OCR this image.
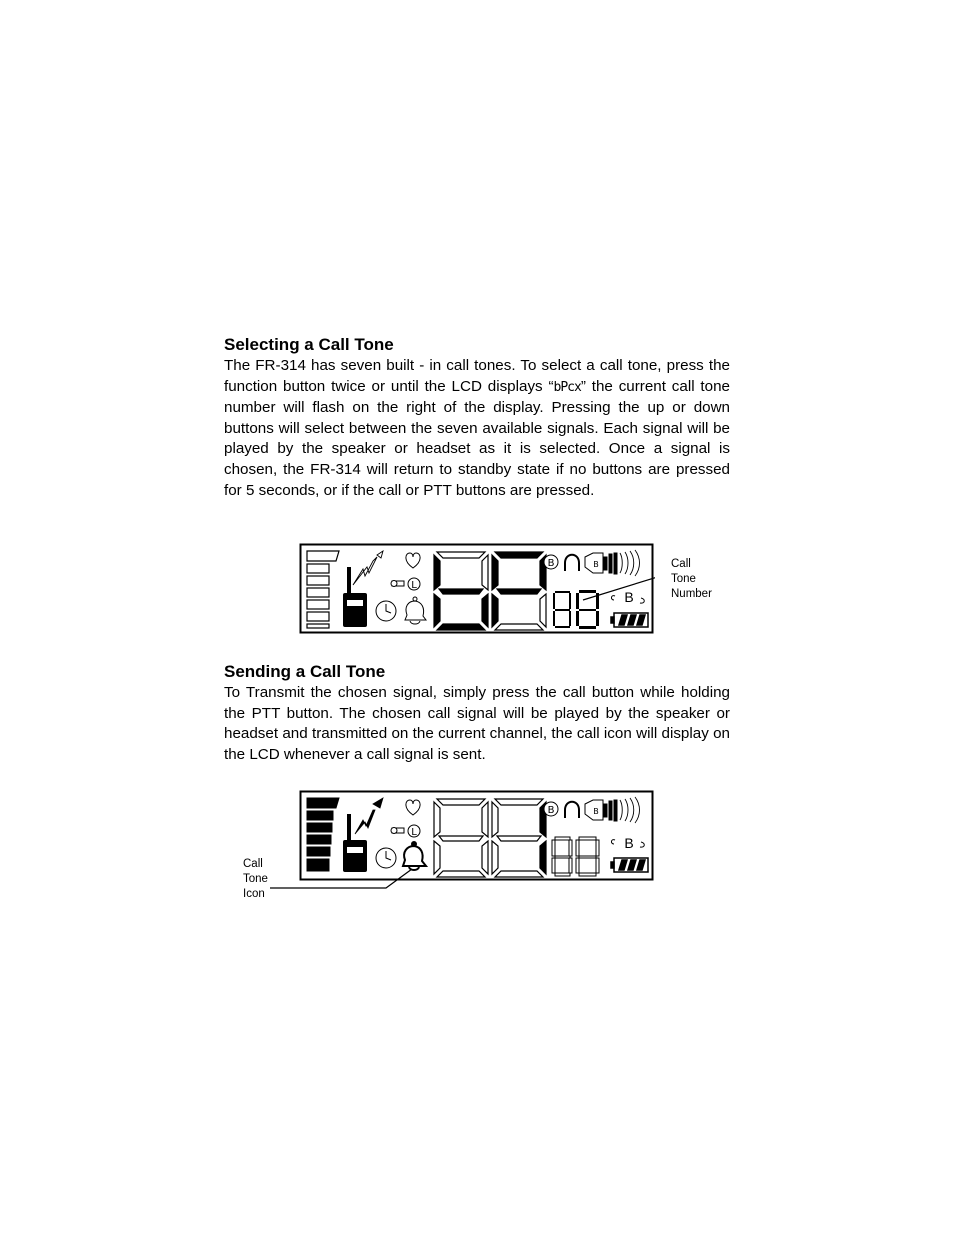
Selecting a Call Tone

The FR-314 has seven built - in call tones. To select a call tone, press the function button twice or until the LCD displays “bPcx” the current call tone number will flash on the right of the display. Pressing the up or down buttons will select between the seven available signals. Each signal will be played by the speaker or headset as it is selected. Once a signal is chosen, the FR-314 will return to standby state if no buttons are pressed for 5 seconds, or if the call or PTT buttons are pressed.

L
B	B
B
Call
Tone
Number
Sending a Call Tone

To Transmit the chosen signal, simply press the call button while holding the PTT button. The chosen call signal will be played by the speaker or headset and transmitted on the current channel, the call icon will display on the LCD whenever a call signal is sent.

L
B	B
B
Call
Tone
Icon
